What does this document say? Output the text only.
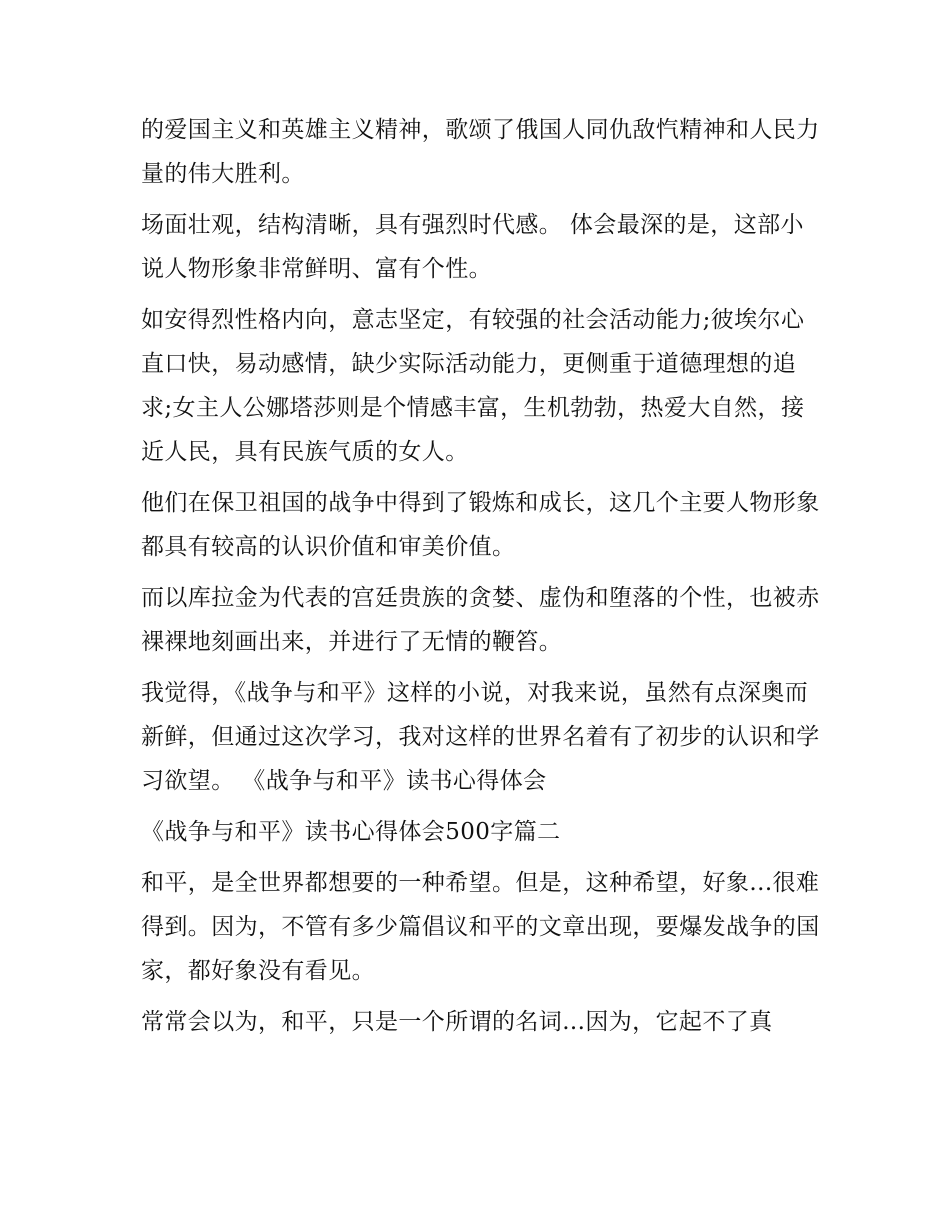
的爱国主义和英雄主义精神，歌颂了俄国人同仇敌忾精神和人民力量的伟大胜利。

场面壮观，结构清晰，具有强烈时代感。 体会最深的是，这部小说人物形象非常鲜明、富有个性。

如安得烈性格内向，意志坚定，有较强的社会活动能力;彼埃尔心直口快，易动感情，缺少实际活动能力，更侧重于道德理想的追求;女主人公娜塔莎则是个情感丰富，生机勃勃，热爱大自然，接近人民，具有民族气质的女人。

他们在保卫祖国的战争中得到了锻炼和成长，这几个主要人物形象都具有较高的认识价值和审美价值。

而以库拉金为代表的宫廷贵族的贪婪、虚伪和堕落的个性，也被赤裸裸地刻画出来，并进行了无情的鞭笞。

我觉得，《战争与和平》这样的小说，对我来说，虽然有点深奥而新鲜，但通过这次学习，我对这样的世界名着有了初步的认识和学习欲望。 《战争与和平》读书心得体会

《战争与和平》读书心得体会500字篇二

和平，是全世界都想要的一种希望。但是，这种希望，好象...很难得到。因为，不管有多少篇倡议和平的文章出现，要爆发战争的国家，都好象没有看见。

常常会以为，和平，只是一个所谓的名词...因为，它起不了真
